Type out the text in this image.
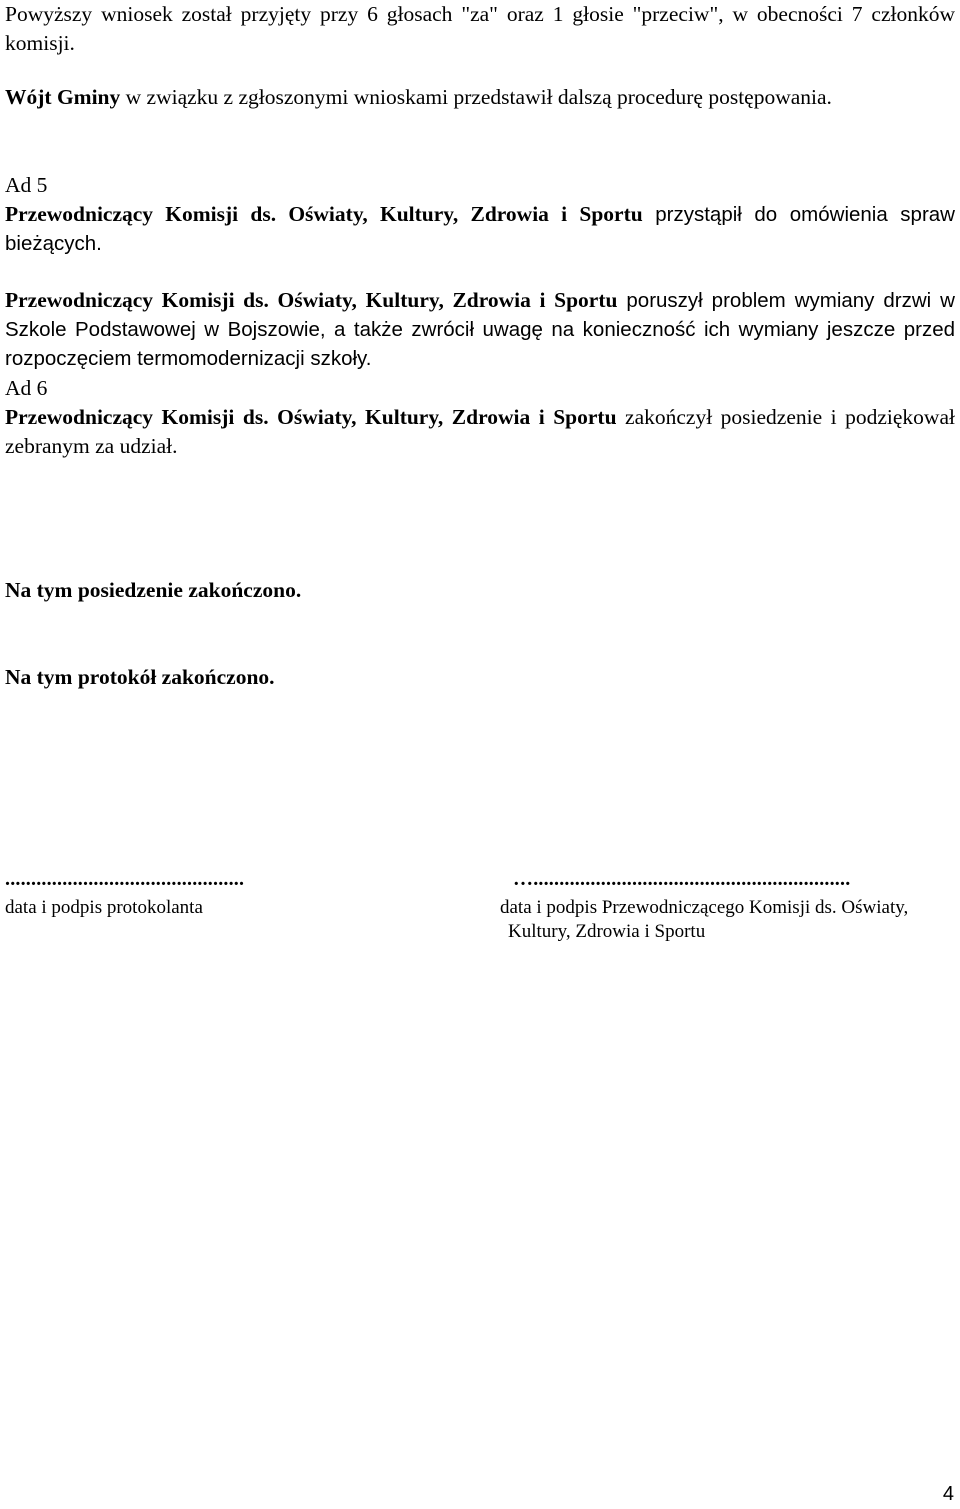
Powyższy wniosek został przyjęty przy 6 głosach "za" oraz 1 głosie "przeciw", w obecności 7 członków komisji.

Wójt Gminy w związku z zgłoszonymi wnioskami przedstawił dalszą procedurę postępowania.

Ad 5

Przewodniczący Komisji ds. Oświaty, Kultury, Zdrowia i Sportu przystąpił do omówienia spraw bieżących.

Przewodniczący Komisji ds. Oświaty, Kultury, Zdrowia i Sportu poruszył problem wymiany drzwi w Szkole Podstawowej w Bojszowie, a także zwrócił uwagę na konieczność ich wymiany jeszcze przed rozpoczęciem termomodernizacji szkoły.

Ad 6

Przewodniczący Komisji ds. Oświaty, Kultury, Zdrowia i Sportu zakończył posiedzenie i podziękował zebranym za udział.

Na tym posiedzenie zakończono.

Na tym protokół zakończono.

..............................................
data i podpis protokolanta
….............................................................
data i podpis Przewodniczącego Komisji ds. Oświaty,
Kultury, Zdrowia i Sportu
4
